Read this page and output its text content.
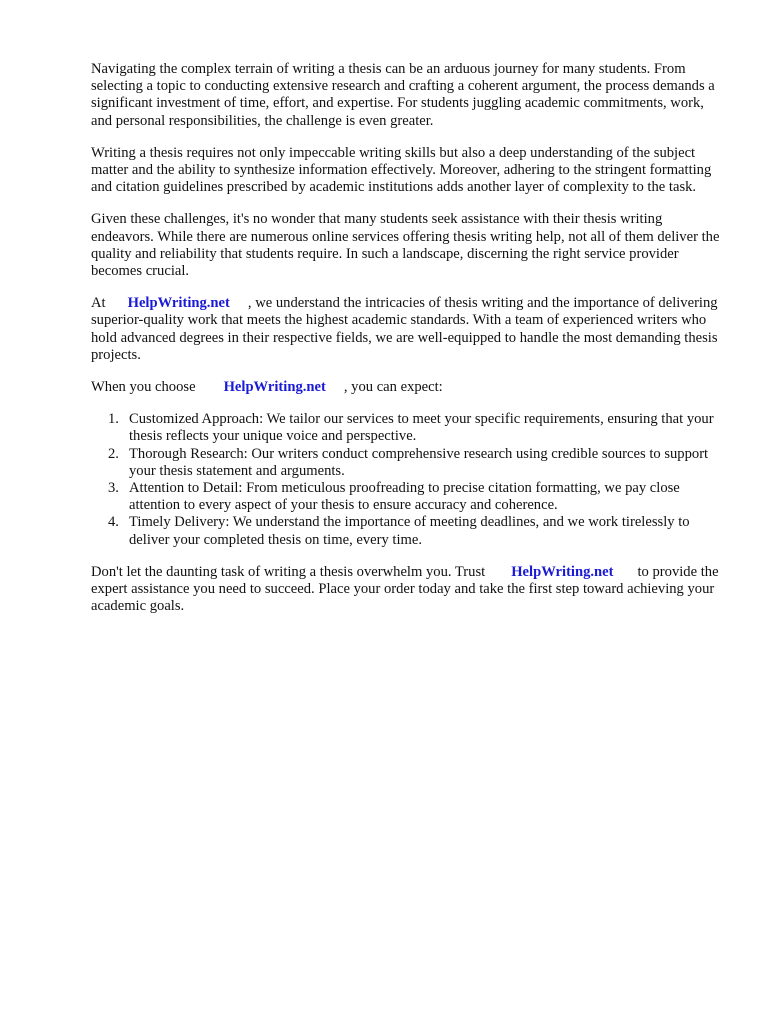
Navigating the complex terrain of writing a thesis can be an arduous journey for many students. From selecting a topic to conducting extensive research and crafting a coherent argument, the process demands a significant investment of time, effort, and expertise. For students juggling academic commitments, work, and personal responsibilities, the challenge is even greater.

Writing a thesis requires not only impeccable writing skills but also a deep understanding of the subject matter and the ability to synthesize information effectively. Moreover, adhering to the stringent formatting and citation guidelines prescribed by academic institutions adds another layer of complexity to the task.

Given these challenges, it's no wonder that many students seek assistance with their thesis writing endeavors. While there are numerous online services offering thesis writing help, not all of them deliver the quality and reliability that students require. In such a landscape, discerning the right service provider becomes crucial.

At HelpWriting.net , we understand the intricacies of thesis writing and the importance of delivering superior-quality work that meets the highest academic standards. With a team of experienced writers who hold advanced degrees in their respective fields, we are well-equipped to handle the most demanding thesis projects.

When you choose HelpWriting.net , you can expect:

1. Customized Approach: We tailor our services to meet your specific requirements, ensuring that your thesis reflects your unique voice and perspective.
2. Thorough Research: Our writers conduct comprehensive research using credible sources to support your thesis statement and arguments.
3. Attention to Detail: From meticulous proofreading to precise citation formatting, we pay close attention to every aspect of your thesis to ensure accuracy and coherence.
4. Timely Delivery: We understand the importance of meeting deadlines, and we work tirelessly to deliver your completed thesis on time, every time.

Don't let the daunting task of writing a thesis overwhelm you. Trust HelpWriting.net to provide the expert assistance you need to succeed. Place your order today and take the first step toward achieving your academic goals.
